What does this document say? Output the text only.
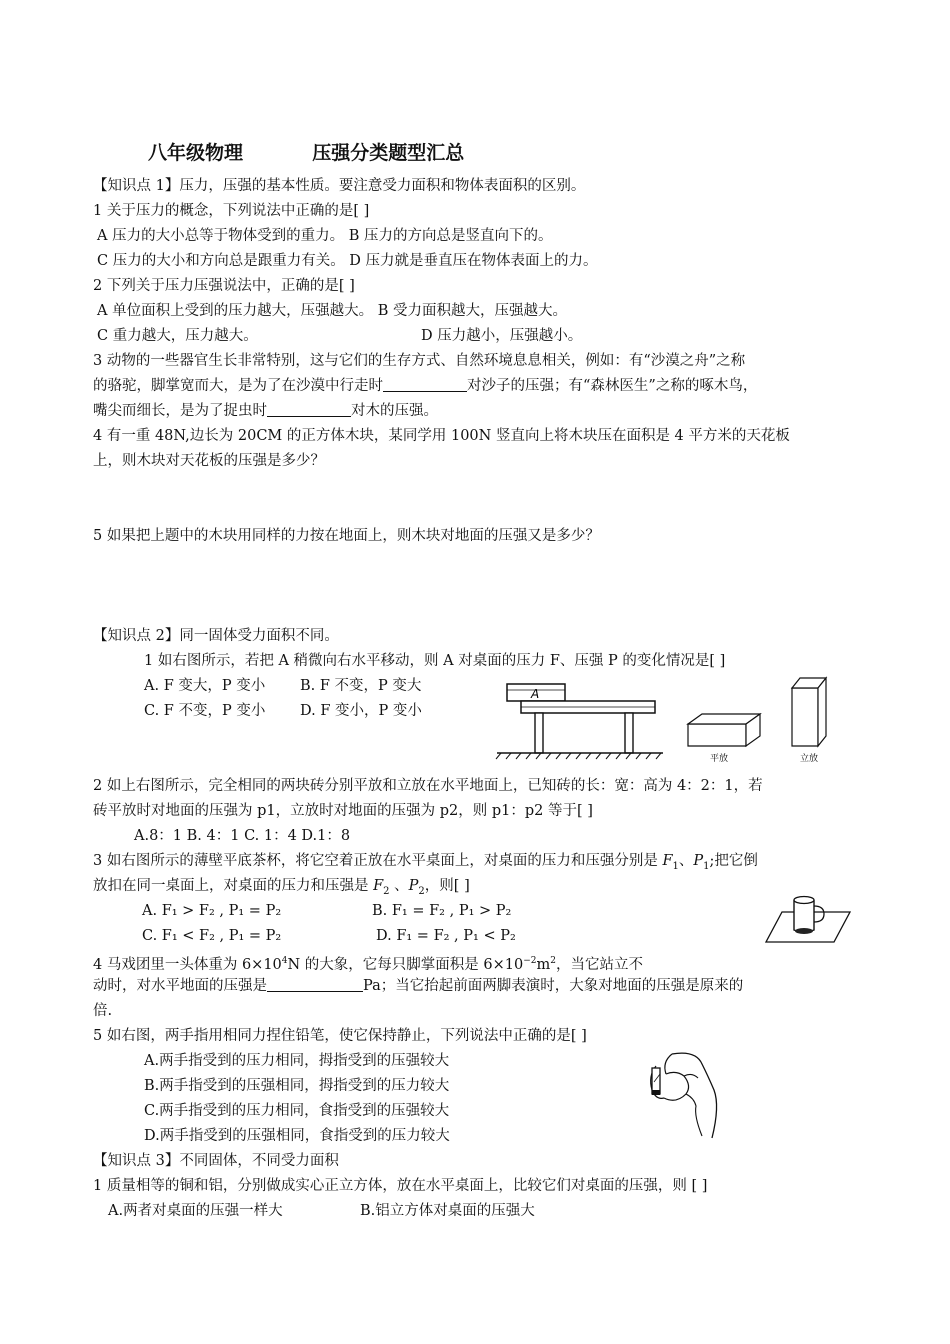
八年级物理	压强分类题型汇总
【知识点 1】压力，压强的基本性质。要注意受力面积和物体表面积的区别。
1 关于压力的概念，下列说法中正确的是[ ]
A 压力的大小总等于物体受到的重力。 B 压力的方向总是竖直向下的。
C 压力的大小和方向总是跟重力有关。 D 压力就是垂直压在物体表面上的力。
2 下列关于压力压强说法中，正确的是[ ]
A 单位面积上受到的压力越大，压强越大。 B 受力面积越大，压强越大。
C 重力越大，压力越大。	D 压力越小，压强越小。
3 动物的一些器官生长非常特别，这与它们的生存方式、自然环境息息相关，例如：有“沙漠之舟”之称
的骆驼，脚掌宽而大，是为了在沙漠中行走时	对沙子的压强；有“森林医生”之称的啄木鸟，
嘴尖而细长，是为了捉虫时	对木的压强。
4 有一重 48N,边长为 20CM 的正方体木块，某同学用 100N 竖直向上将木块压在面积是 4 平方米的天花板
上，则木块对天花板的压强是多少？
5 如果把上题中的木块用同样的力按在地面上，则木块对地面的压强又是多少？
【知识点 2】同一固体受力面积不同。
1 如右图所示，若把 A 稍微向右水平移动，则 A 对桌面的压力 F、压强 P 的变化情况是[ ]
A. F 变大，P 变小 B. F 不变，P 变大
C. F 不变，P 变小 D. F 变小，P 变小
A
平放	立放
2 如上右图所示，完全相同的两块砖分别平放和立放在水平地面上，已知砖的长：宽：高为 4：2：1，若
砖平放时对地面的压强为 p1，立放时对地面的压强为 p2，则 p1：p2 等于[ ]
A.8：1 B. 4：1 C. 1：4 D.1：8
3 如右图所示的薄壁平底茶杯，将它空着正放在水平桌面上，对桌面的压力和压强分别是 $F_1$、$P_1$;把它倒
放扣在同一桌面上，对桌面的压力和压强是 $F_2$ 、$P_2$，则[ ]
A. F₁ > F₂ , P₁ = P₂	B. F₁ = F₂ , P₁ > P₂
C. F₁ < F₂ , P₁ = P₂	D. F₁ = F₂ , P₁ < P₂
4 马戏团里一头体重为 $6\times 10^4N$ 的大象，它每只脚掌面积是 $6\times 10^{-2}m^2$，当它站立不
动时，对水平地面的压强是	Pa；当它抬起前面两脚表演时，大象对地面的压强是原来的
倍.
5 如右图，两手指用相同力捏住铅笔，使它保持静止，下列说法中正确的是[ ]
A.两手指受到的压力相同，拇指受到的压强较大
B.两手指受到的压强相同，拇指受到的压力较大
C.两手指受到的压力相同，食指受到的压强较大
D.两手指受到的压强相同，食指受到的压力较大
【知识点 3】不同固体，不同受力面积
1 质量相等的铜和铝，分别做成实心正立方体，放在水平桌面上，比较它们对桌面的压强，则 [ ]
A.两者对桌面的压强一样大	B.铝立方体对桌面的压强大
